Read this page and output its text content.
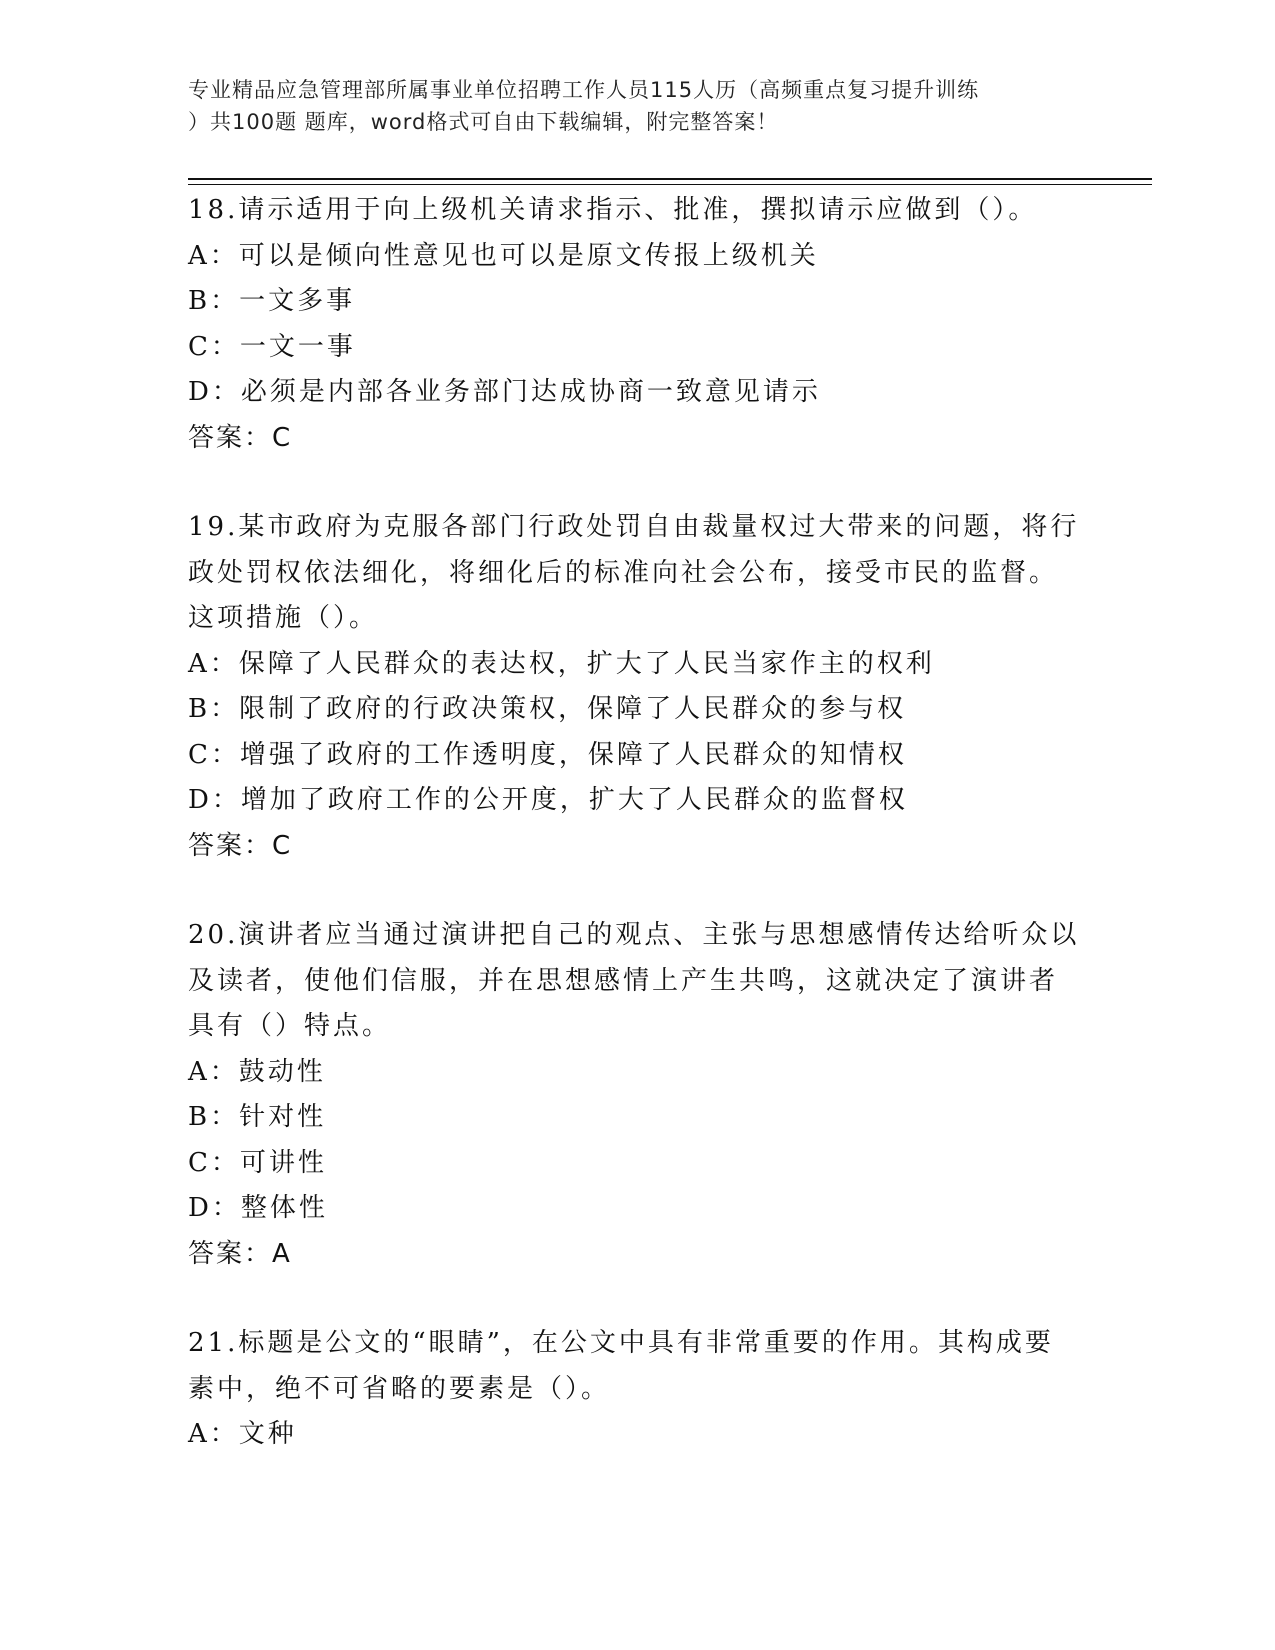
专业精品应急管理部所属事业单位招聘工作人员115人历（高频重点复习提升训练
）共100题 题库，word格式可自由下载编辑，附完整答案！
18.请示适用于向上级机关请求指示、批准，撰拟请示应做到（）。
A：可以是倾向性意见也可以是原文传报上级机关
B：一文多事
C：一文一事
D：必须是内部各业务部门达成协商一致意见请示
答案：C
19.某市政府为克服各部门行政处罚自由裁量权过大带来的问题，将行
政处罚权依法细化，将细化后的标准向社会公布，接受市民的监督。
这项措施（）。
A：保障了人民群众的表达权，扩大了人民当家作主的权利
B：限制了政府的行政决策权，保障了人民群众的参与权
C：增强了政府的工作透明度，保障了人民群众的知情权
D：增加了政府工作的公开度，扩大了人民群众的监督权
答案：C
20.演讲者应当通过演讲把自己的观点、主张与思想感情传达给听众以
及读者，使他们信服，并在思想感情上产生共鸣，这就决定了演讲者
具有（）特点。
A：鼓动性
B：针对性
C：可讲性
D：整体性
答案：A
21.标题是公文的“眼睛”，在公文中具有非常重要的作用。其构成要
素中，绝不可省略的要素是（）。
A：文种
